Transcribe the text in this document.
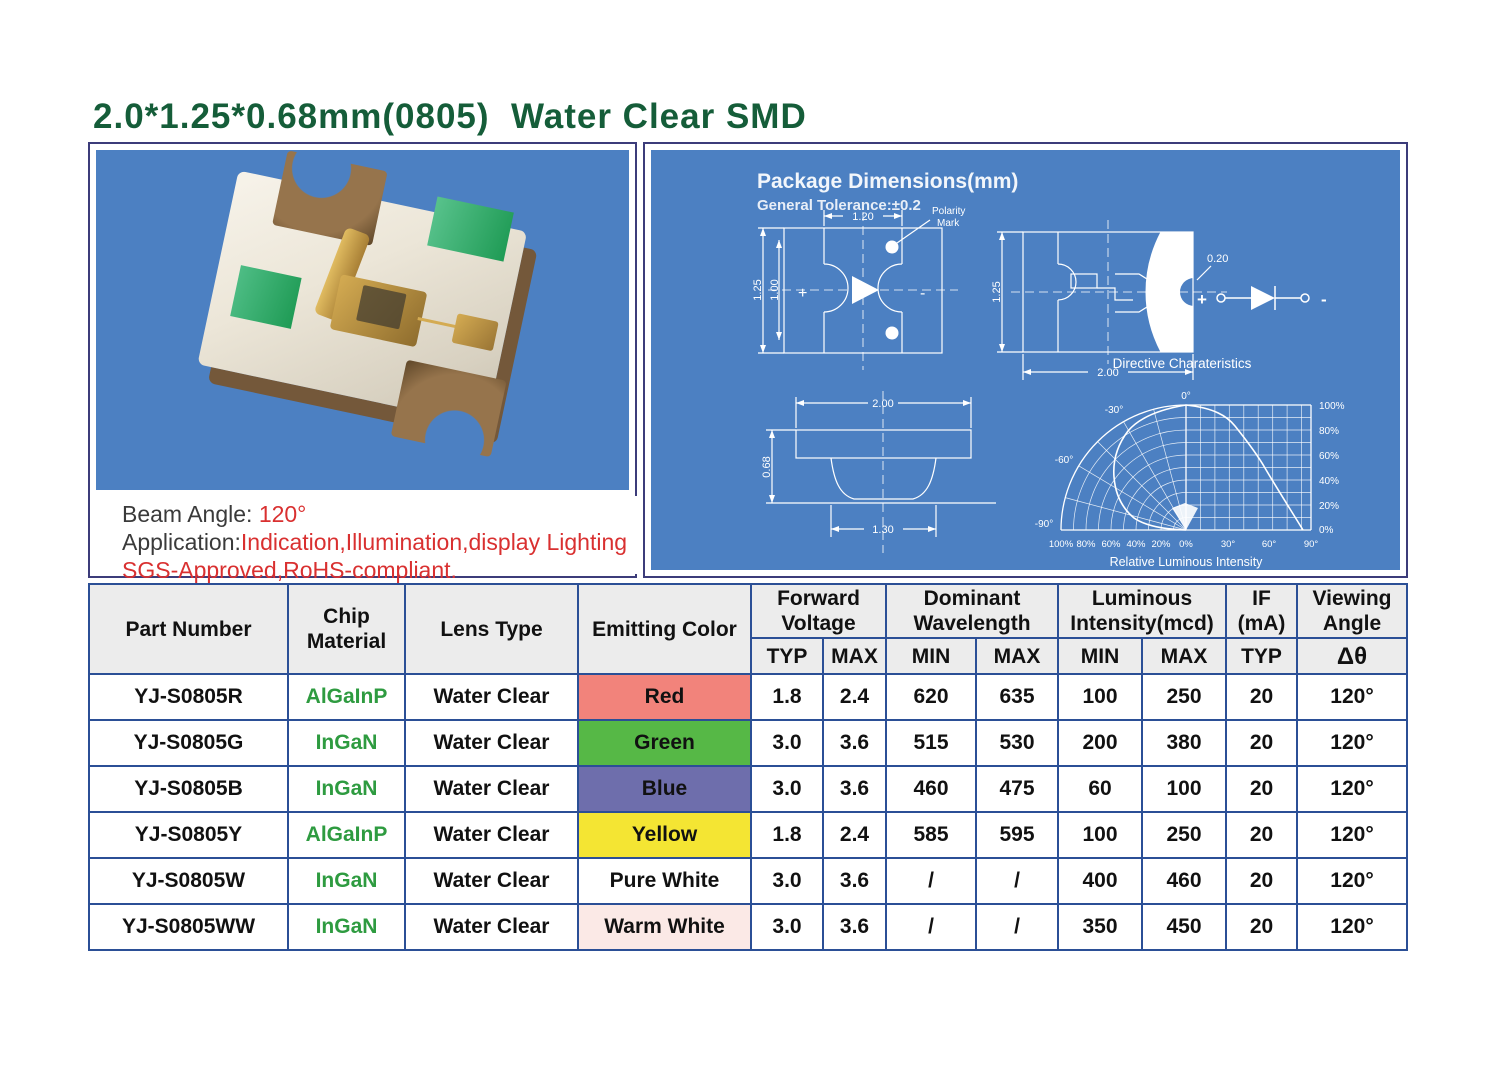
2.0*1.25*0.68mm(0805)  Water Clear SMD
Beam Angle: 120°
Application:Indication,Illumination,display Lighting
SGS-Approved,RoHS-compliant.
Package Dimensions(mm)
General Tolerance:±0.2
1.20
1.25 1.00 +	-
Polarity
Mark
1.25
2.00
0.20
+	-
2.00
0.68
1.30
Directive Charateristics
0°
-30°
-60°
-90°
100%
80%
60%
40%
20%
0%
100% 80% 60% 40% 20% 0%	30°	60°	90°
Relative Luminous Intensity
Part Number	Chip Material	Lens Type	Emitting Color	Forward Voltage		Dominant Wavelength		Luminous Intensity(mcd)		IF (mA)	Viewing Angle
				TYP	MAX	MIN	MAX	MIN	MAX	TYP	Δθ
YJ-S0805R	AlGaInP	Water Clear	Red	1.8	2.4	620	635	100	250	20	120°
YJ-S0805G	InGaN	Water Clear	Green	3.0	3.6	515	530	200	380	20	120°
YJ-S0805B	InGaN	Water Clear	Blue	3.0	3.6	460	475	60	100	20	120°
YJ-S0805Y	AlGaInP	Water Clear	Yellow	1.8	2.4	585	595	100	250	20	120°
YJ-S0805W	InGaN	Water Clear	Pure White	3.0	3.6	/	/	400	460	20	120°
YJ-S0805WW	InGaN	Water Clear	Warm White	3.0	3.6	/	/	350	450	20	120°
